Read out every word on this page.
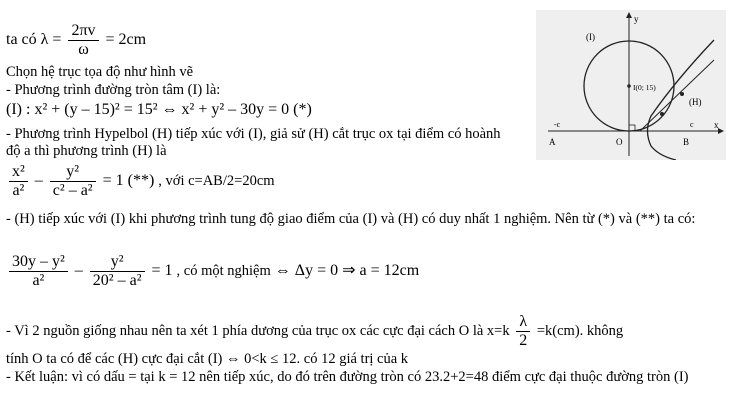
ta có $\lambda = \frac{2\pi v}{\omega} = 2cm$
Chọn hệ trục tọa độ như hình vẽ
- Phương trình đường tròn tâm (I) là:
(I) : x² + (y – 15)² = 15² ⇔ x² + y² – 30y = 0 (*)
- Phương trình Hypelbol (H) tiếp xúc với (I), giả sử (H) cắt trục ox tại điểm có hoành độ a thì phương trình (H) là
$\frac{\text{x²}}{\text{a²}} - \frac{\text{y²}}{\text{c² – a²}} = 1$ (**) , với c=AB/2=20cm
- (H) tiếp xúc với (I) khi phương trình tung độ giao điểm của (I) và (H) có duy nhất 1 nghiệm. Nên từ (*) và (**) ta có:
$\frac{\text{30y – y²}}{\text{a²}} - \frac{\text{y²}}{\text{20² – a²}} = 1$ , có một nghiệm ⇔ Δy = 0 ⇒ a = 12cm
- Vì 2 nguồn giống nhau nên ta xét 1 phía dương của trục ox các cực đại cách O là $x=k \frac{\lambda}{2} =k(cm)$. không
tính O ta có để các (H) cực đại cắt (I) ⇔ 0<k ≤ 12. có 12 giá trị của k
- Kết luận: vì có dấu = tại k = 12 nên tiếp xúc, do đó trên đường tròn có 23.2+2=48 điểm cực đại thuộc đường tròn (I)
y
(I)
I(0; 15)
(H)
A	B
O
x
-c	c
